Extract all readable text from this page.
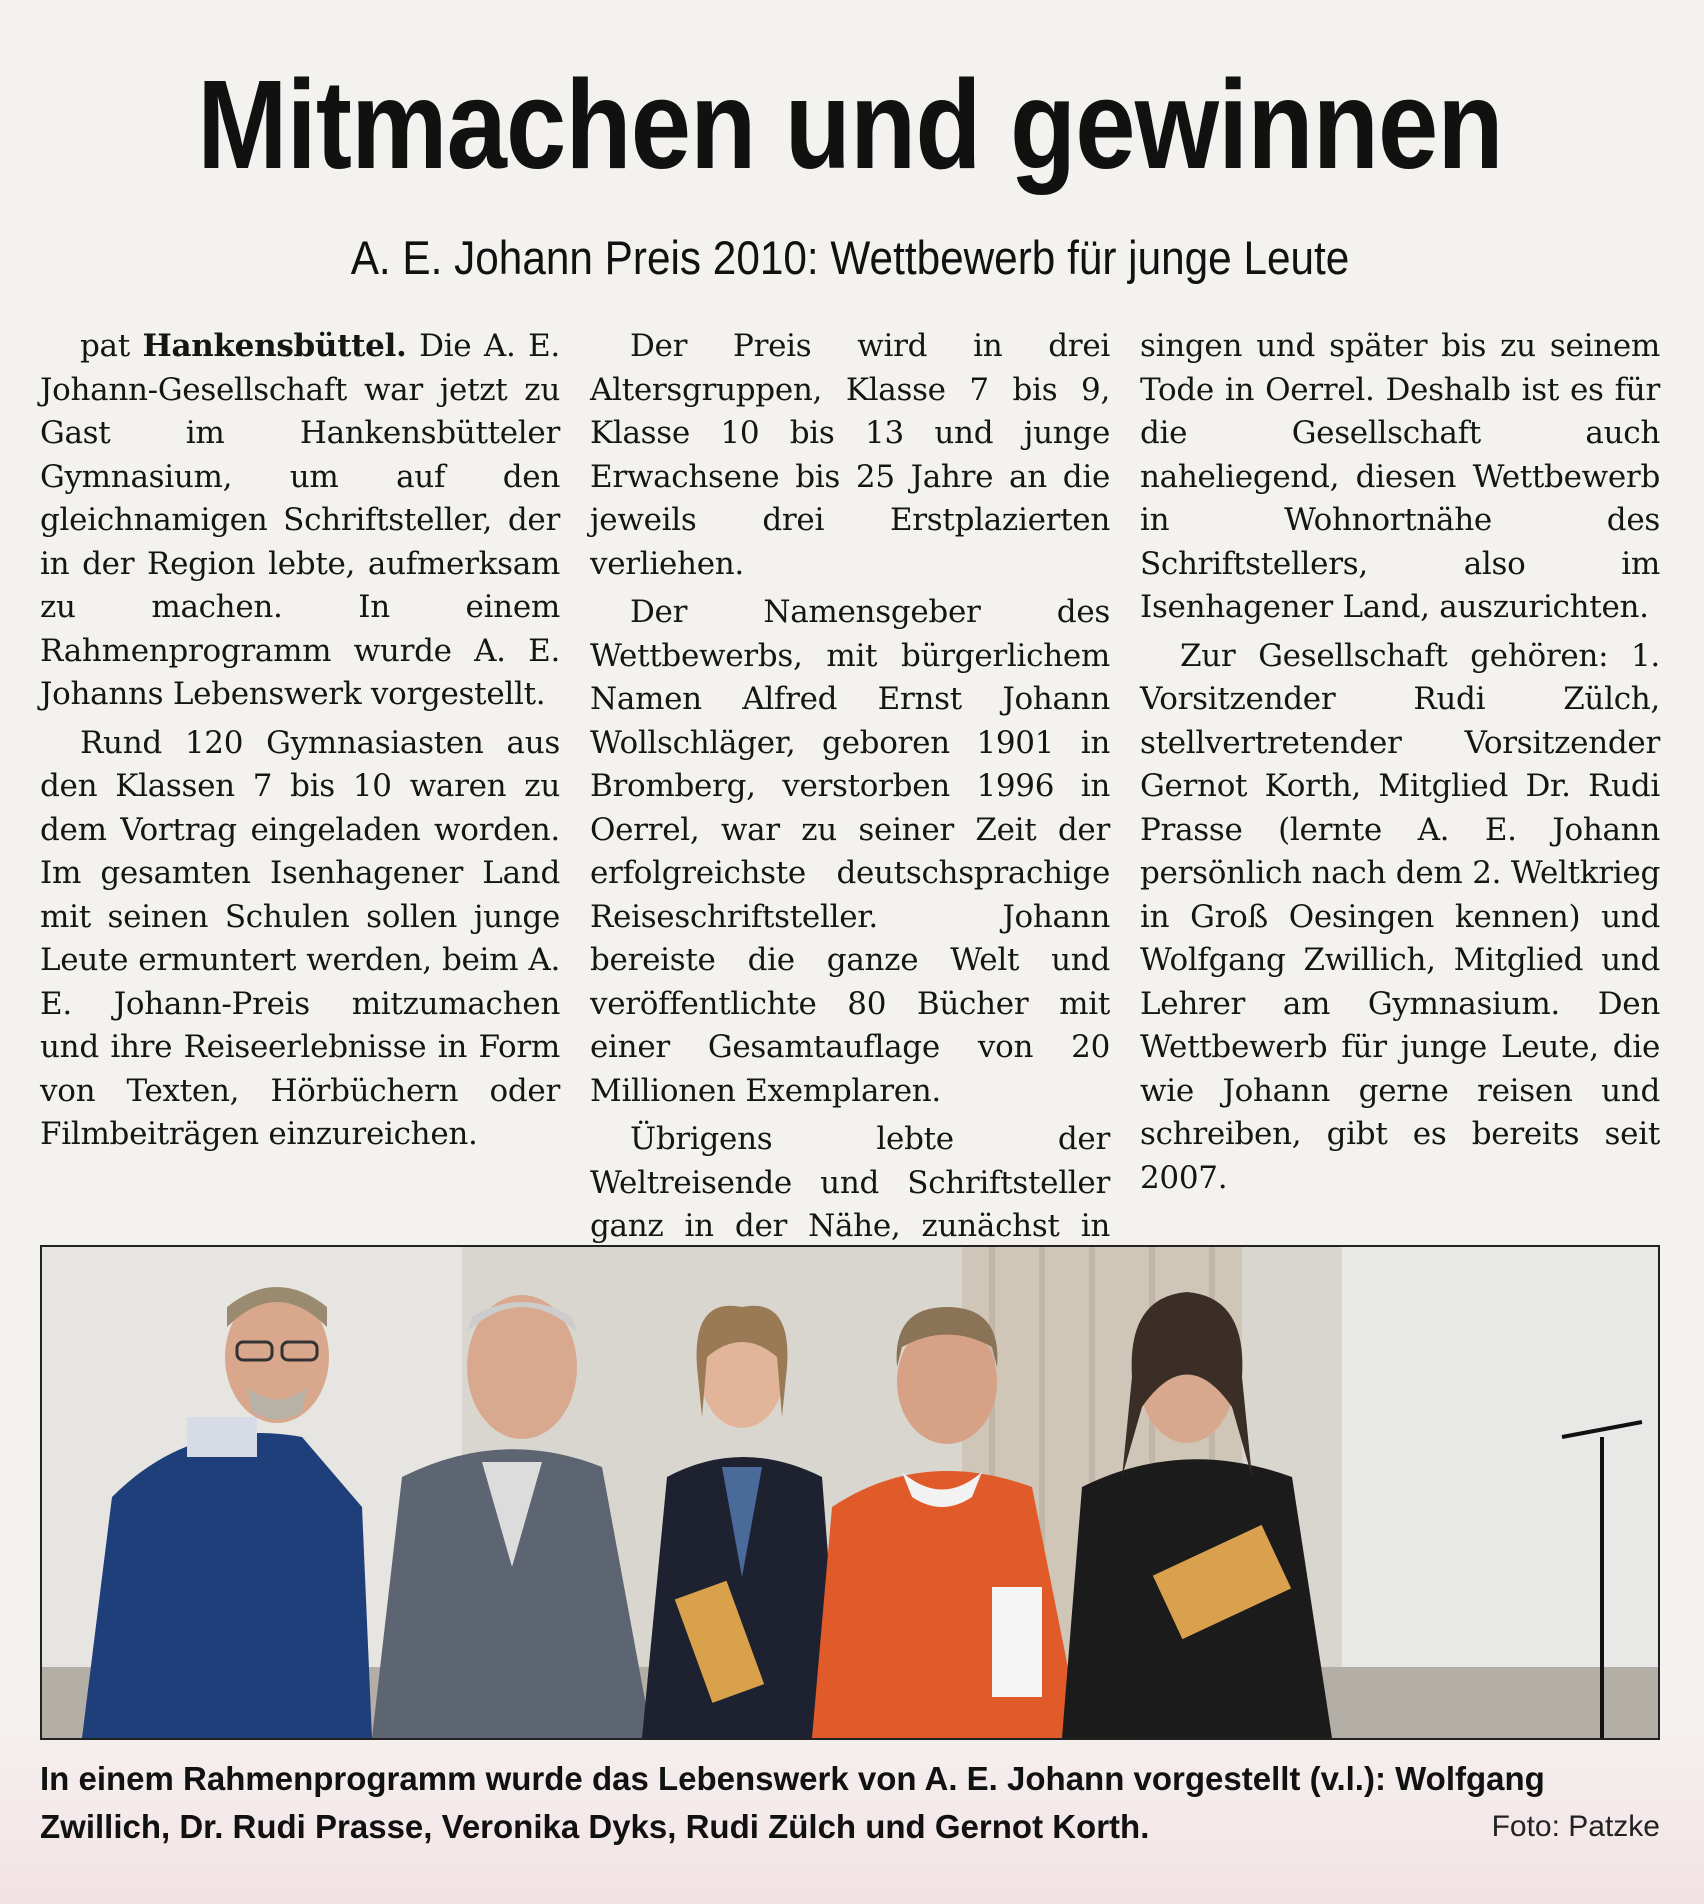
Mitmachen und gewinnen
A. E. Johann Preis 2010: Wettbewerb für junge Leute

pat Hankensbüttel. Die A. E. Johann-Gesellschaft war jetzt zu Gast im Hankensbütteler Gymnasium, um auf den gleichnamigen Schriftsteller, der in der Region lebte, aufmerksam zu machen. In einem Rahmenprogramm wurde A. E. Johanns Lebenswerk vorgestellt.

Rund 120 Gymnasiasten aus den Klassen 7 bis 10 waren zu dem Vortrag eingeladen worden. Im gesamten Isenhagener Land mit seinen Schulen sollen junge Leute ermuntert werden, beim A. E. Johann-Preis mitzumachen und ihre Reiseerlebnisse in Form von Texten, Hörbüchern oder Filmbeiträgen einzureichen.

Der Preis wird in drei Altersgruppen, Klasse 7 bis 9, Klasse 10 bis 13 und junge Erwachsene bis 25 Jahre an die jeweils drei Erstplazierten verliehen.

Der Namensgeber des Wettbewerbs, mit bürgerlichem Namen Alfred Ernst Johann Wollschläger, geboren 1901 in Bromberg, verstorben 1996 in Oerrel, war zu seiner Zeit der erfolgreichste deutschsprachige Reiseschriftsteller. Johann bereiste die ganze Welt und veröffentlichte 80 Bücher mit einer Gesamtauflage von 20 Millionen Exemplaren.

Übrigens lebte der Weltreisende und Schriftsteller ganz in der Nähe, zunächst in

singen und später bis zu seinem Tode in Oerrel. Deshalb ist es für die Gesellschaft auch naheliegend, diesen Wettbewerb in Wohnortnähe des Schriftstellers, also im Isenhagener Land, auszurichten.

Zur Gesellschaft gehören: 1. Vorsitzender Rudi Zülch, stellvertretender Vorsitzender Gernot Korth, Mitglied Dr. Rudi Prasse (lernte A. E. Johann persönlich nach dem 2. Weltkrieg in Groß Oesingen kennen) und Wolfgang Zwillich, Mitglied und Lehrer am Gymnasium. Den Wettbewerb für junge Leute, die wie Johann gerne reisen und schreiben, gibt es bereits seit 2007.

In einem Rahmenprogramm wurde das Lebenswerk von A. E. Johann vorgestellt (v.l.): Wolfgang Zwillich, Dr. Rudi Prasse, Veronika Dyks, Rudi Zülch und Gernot Korth.	Foto: Patzke
